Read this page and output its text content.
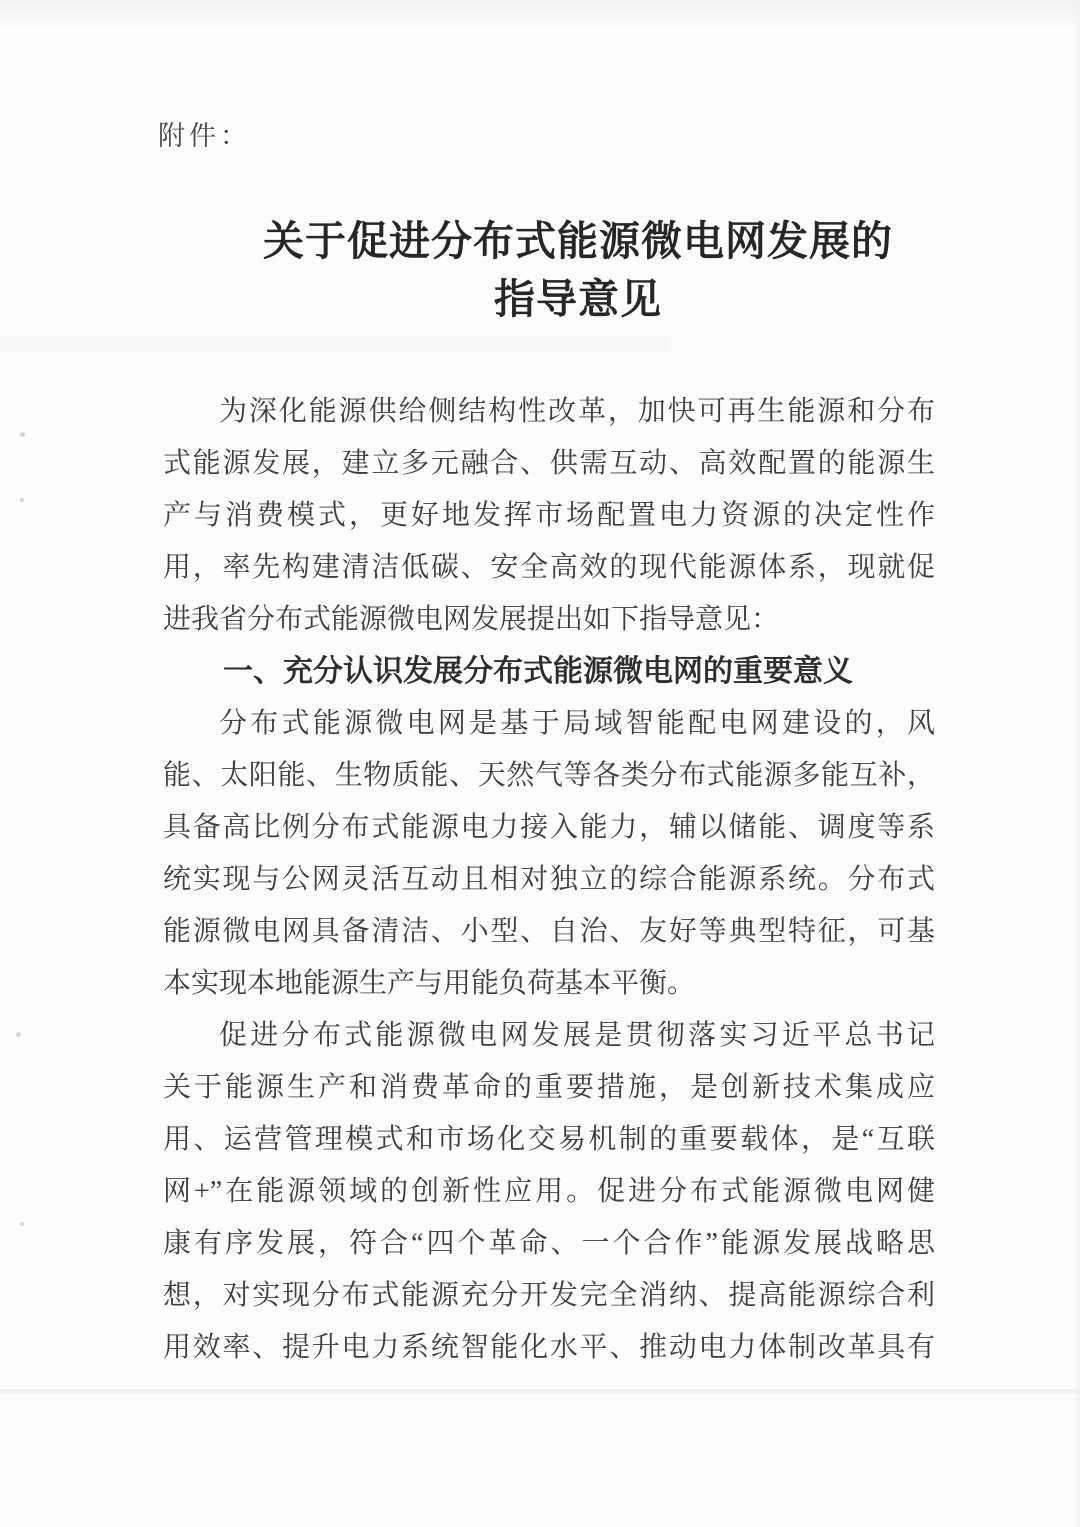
附件：
关于促进分布式能源微电网发展的
指导意见
为深化能源供给侧结构性改革，加快可再生能源和分布
式能源发展，建立多元融合、供需互动、高效配置的能源生
产与消费模式，更好地发挥市场配置电力资源的决定性作
用，率先构建清洁低碳、安全高效的现代能源体系，现就促
进我省分布式能源微电网发展提出如下指导意见：
一、充分认识发展分布式能源微电网的重要意义
分布式能源微电网是基于局域智能配电网建设的，风
能、太阳能、生物质能、天然气等各类分布式能源多能互补，
具备高比例分布式能源电力接入能力，辅以储能、调度等系
统实现与公网灵活互动且相对独立的综合能源系统。分布式
能源微电网具备清洁、小型、自治、友好等典型特征，可基
本实现本地能源生产与用能负荷基本平衡。
促进分布式能源微电网发展是贯彻落实习近平总书记
关于能源生产和消费革命的重要措施，是创新技术集成应
用、运营管理模式和市场化交易机制的重要载体，是“互联
网+”在能源领域的创新性应用。促进分布式能源微电网健
康有序发展，符合“四个革命、一个合作”能源发展战略思
想，对实现分布式能源充分开发完全消纳、提高能源综合利
用效率、提升电力系统智能化水平、推动电力体制改革具有
